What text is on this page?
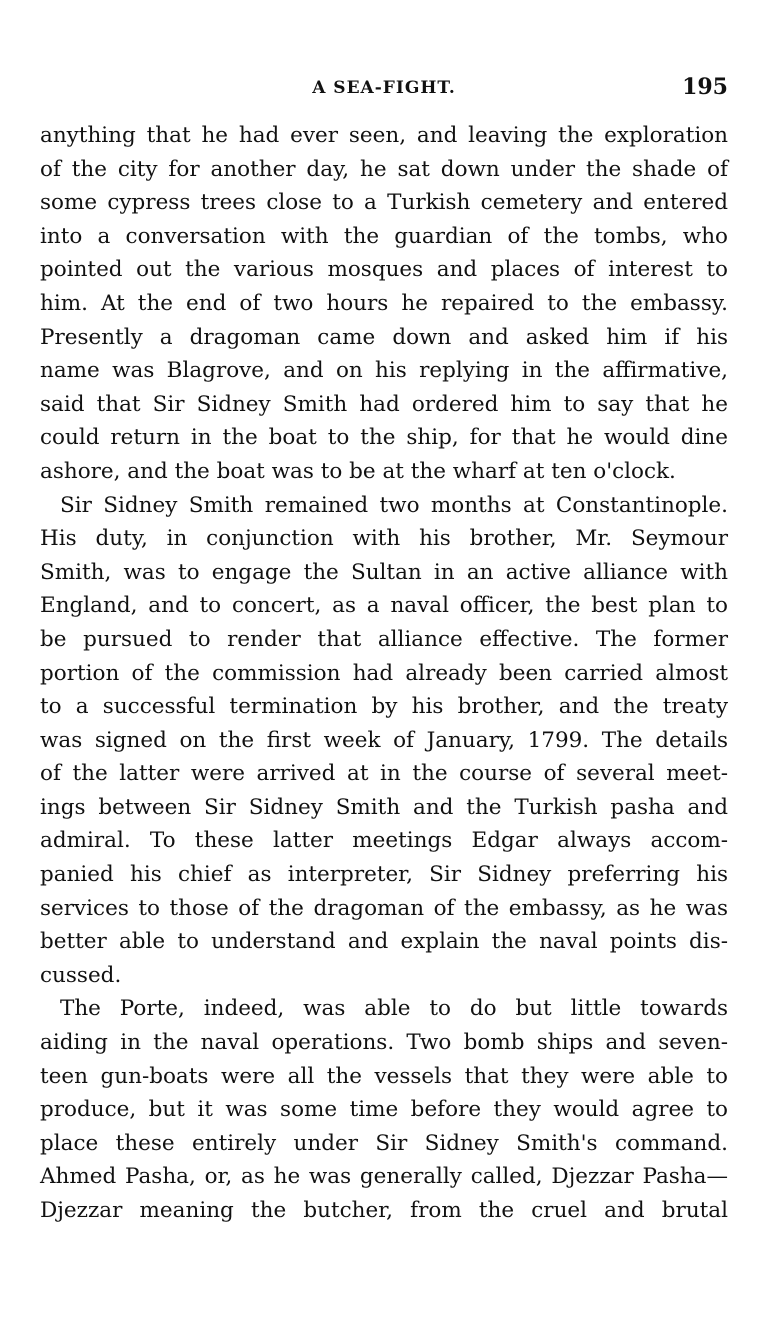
A SEA-FIGHT.	195
anything that he had ever seen, and leaving the exploration
of the city for another day, he sat down under the shade of
some cypress trees close to a Turkish cemetery and entered
into a conversation with the guardian of the tombs, who
pointed out the various mosques and places of interest to
him. At the end of two hours he repaired to the embassy.
Presently a dragoman came down and asked him if his
name was Blagrove, and on his replying in the affirmative,
said that Sir Sidney Smith had ordered him to say that he
could return in the boat to the ship, for that he would dine
ashore, and the boat was to be at the wharf at ten o'clock.
Sir Sidney Smith remained two months at Constantinople.
His duty, in conjunction with his brother, Mr. Seymour
Smith, was to engage the Sultan in an active alliance with
England, and to concert, as a naval officer, the best plan to
be pursued to render that alliance effective. The former
portion of the commission had already been carried almost
to a successful termination by his brother, and the treaty
was signed on the first week of January, 1799. The details
of the latter were arrived at in the course of several meet-
ings between Sir Sidney Smith and the Turkish pasha and
admiral. To these latter meetings Edgar always accom-
panied his chief as interpreter, Sir Sidney preferring his
services to those of the dragoman of the embassy, as he was
better able to understand and explain the naval points dis-
cussed.
The Porte, indeed, was able to do but little towards
aiding in the naval operations. Two bomb ships and seven-
teen gun-boats were all the vessels that they were able to
produce, but it was some time before they would agree to
place these entirely under Sir Sidney Smith's command.
Ahmed Pasha, or, as he was generally called, Djezzar Pasha—
Djezzar meaning the butcher, from the cruel and brutal
